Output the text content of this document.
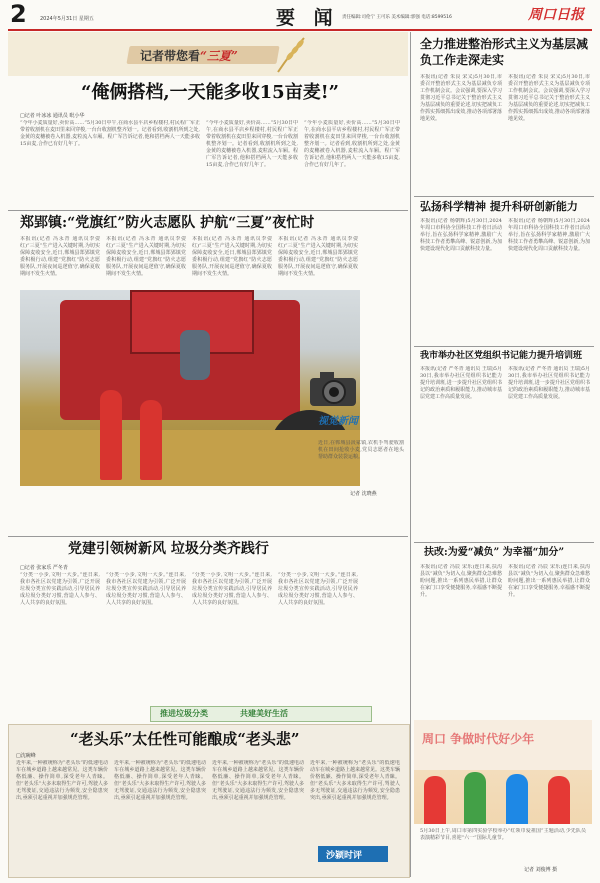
2	2024年5月31日 星期五	要 闻 责任编辑:司伦宁 王可乐 美术编辑:郭强 电话:8599516	周口日报
记者带您看“三夏”
“俺俩搭档,一天能多收15亩麦!”
□记者 叶冰冰 通讯员 吡小华
“今年小麦质量好,卖价高……”5月30日中午,在商水县平店乡程楼村,村民程广军正带着收割机在麦田里来回穿梭,一台台收割机整齐划一。记者看到,收割机所到之处,金黄的麦穗被卷入机器,麦粒流入车厢。程广军告诉记者,他和搭档两人一天能多收15亩麦,合作已有好几年了。
“今年小麦质量好,卖价高……”5月30日中午,在商水县平店乡程楼村,村民程广军正带着收割机在麦田里来回穿梭,一台台收割机整齐划一。记者看到,收割机所到之处,金黄的麦穗被卷入机器,麦粒流入车厢。程广军告诉记者,他和搭档两人一天能多收15亩麦,合作已有好几年了。
“今年小麦质量好,卖价高……”5月30日中午,在商水县平店乡程楼村,村民程广军正带着收割机在麦田里来回穿梭,一台台收割机整齐划一。记者看到,收割机所到之处,金黄的麦穗被卷入机器,麦粒流入车厢。程广军告诉记者,他和搭档两人一天能多收15亩麦,合作已有好几年了。
郑郢镇:“党旗红”防火志愿队 护航“三夏”夜忙时
本报讯(记者 冯永青 通讯员李姿红)“三夏”生产进入关键时期,为切实保障麦收安全,近日,郸城县郑郢镇党委积极行动,组建“党旗红”防火志愿服务队,开展夜间巡逻值守,确保夏收期间不发生火情。
本报讯(记者 冯永青 通讯员李姿红)“三夏”生产进入关键时期,为切实保障麦收安全,近日,郸城县郑郢镇党委积极行动,组建“党旗红”防火志愿服务队,开展夜间巡逻值守,确保夏收期间不发生火情。
本报讯(记者 冯永青 通讯员李姿红)“三夏”生产进入关键时期,为切实保障麦收安全,近日,郸城县郑郢镇党委积极行动,组建“党旗红”防火志愿服务队,开展夜间巡逻值守,确保夏收期间不发生火情。
本报讯(记者 冯永青 通讯员李姿红)“三夏”生产进入关键时期,为切实保障麦收安全,近日,郸城县郑郢镇党委积极行动,组建“党旗红”防火志愿服务队,开展夜间巡逻值守,确保夏收期间不发生火情。
视觉新闻
近日,在郸城县汲冢镇,农机手驾驶收割机在田间抢收小麦,党员志愿者在地头帮助群众装袋运粮。
记者 沈晓燕
党建引领树新风 垃圾分类齐践行
□记者 张家乐 严冬青
“分类一小步,文明一大步。”连日来,我市各社区以党建为引领,广泛开展垃圾分类宣传实践活动,引导居民养成垃圾分类好习惯,营造人人参与、人人共享的良好氛围。
“分类一小步,文明一大步。”连日来,我市各社区以党建为引领,广泛开展垃圾分类宣传实践活动,引导居民养成垃圾分类好习惯,营造人人参与、人人共享的良好氛围。
“分类一小步,文明一大步。”连日来,我市各社区以党建为引领,广泛开展垃圾分类宣传实践活动,引导居民养成垃圾分类好习惯,营造人人参与、人人共享的良好氛围。
“分类一小步,文明一大步。”连日来,我市各社区以党建为引领,广泛开展垃圾分类宣传实践活动,引导居民养成垃圾分类好习惯,营造人人参与、人人共享的良好氛围。
推进垃圾分类	共建美好生活
“老头乐”太任性可能酿成“老头悲”
□沈碗峰
近年来,一种被统称为“老头乐”的低速电动车在城乡道路上越来越常见。这类车辆价格低廉、操作简单,深受老年人青睐。但“老头乐”大多未取得生产许可,驾驶人多无驾驶证,交通违法行为频发,安全隐患突出,亟须引起重视并加强规范管理。
近年来,一种被统称为“老头乐”的低速电动车在城乡道路上越来越常见。这类车辆价格低廉、操作简单,深受老年人青睐。但“老头乐”大多未取得生产许可,驾驶人多无驾驶证,交通违法行为频发,安全隐患突出,亟须引起重视并加强规范管理。
近年来,一种被统称为“老头乐”的低速电动车在城乡道路上越来越常见。这类车辆价格低廉、操作简单,深受老年人青睐。但“老头乐”大多未取得生产许可,驾驶人多无驾驶证,交通违法行为频发,安全隐患突出,亟须引起重视并加强规范管理。
近年来,一种被统称为“老头乐”的低速电动车在城乡道路上越来越常见。这类车辆价格低廉、操作简单,深受老年人青睐。但“老头乐”大多未取得生产许可,驾驶人多无驾驶证,交通违法行为频发,安全隐患突出,亟须引起重视并加强规范管理。
沙颍时评
全力推进整治形式主义为基层减负工作走深走实
本报讯(记者 朱良 宋义)5月30日,市委召开整治形式主义为基层减负专项工作机制会议。会议强调,要深入学习贯彻习近平总书记关于整治形式主义为基层减负的重要论述,切实把减负工作抓实抓细抓出成效,推动各项部署落地见效。
本报讯(记者 朱良 宋义)5月30日,市委召开整治形式主义为基层减负专项工作机制会议。会议强调,要深入学习贯彻习近平总书记关于整治形式主义为基层减负的重要论述,切实把减负工作抓实抓细抓出成效,推动各项部署落地见效。
弘扬科学精神 提升科研创新能力
本报讯(记者 杨朝辉)5月30日,2024年周口市科协全国科技工作者日活动举行,旨在弘扬科学家精神,激励广大科技工作者勇攀高峰、锐意创新,为加快建设现代化周口贡献科技力量。
本报讯(记者 杨朝辉)5月30日,2024年周口市科协全国科技工作者日活动举行,旨在弘扬科学家精神,激励广大科技工作者勇攀高峰、锐意创新,为加快建设现代化周口贡献科技力量。
我市举办社区党组织书记能力提升培训班
本报讯(记者 严冬青 通讯员 王瑞)5月30日,我市举办社区党组织书记能力提升培训班,进一步提升社区党组织书记的政治素质和履职能力,推动城市基层党建工作高质量发展。
本报讯(记者 严冬青 通讯员 王瑞)5月30日,我市举办社区党组织书记能力提升培训班,进一步提升社区党组织书记的政治素质和履职能力,推动城市基层党建工作高质量发展。
扶改:为爱“减负” 为幸福“加分”
本报讯(记者 冯辰 宋乐)连日来,扶沟县以“减负”为切入点,聚焦群众急难愁盼问题,推出一系列惠民举措,让群众在家门口享受便捷服务,幸福感不断提升。
本报讯(记者 冯辰 宋乐)连日来,扶沟县以“减负”为切入点,聚焦群众急难愁盼问题,推出一系列惠民举措,让群众在家门口享受便捷服务,幸福感不断提升。
周口 争做时代好少年
5月30日上午,周口市第四实验学校举办“红领巾爱祖国”主题活动,少先队员表演精彩节目,喜迎“六一”国际儿童节。
记者 刘俊博 摄
